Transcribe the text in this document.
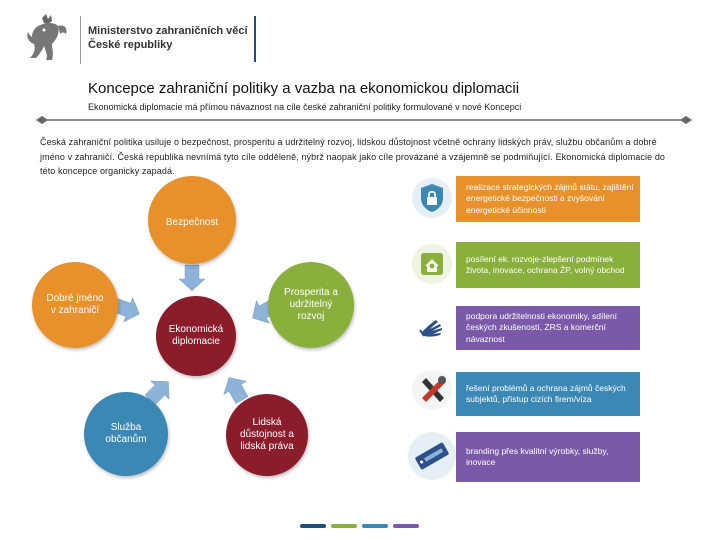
Ministerstvo zahraničních věcí
České republiky
Koncepce zahraniční politiky a vazba na ekonomickou diplomacii
Ekonomická diplomacie má přímou návaznost na cíle české zahraniční politiky formulované v nové Koncepci
Česká zahraniční politika usiluje o bezpečnost, prosperitu a udržitelný rozvoj, lidskou důstojnost včetně ochrany lidských práv, službu občanům a dobré jméno v zahraničí. Česká republika nevnímá tyto cíle odděleně, nýbrž naopak jako cíle provázané a vzájemně se podmiňující. Ekonomická diplomacie do této koncepce organicky zapadá.
Bezpečnost
Dobré jméno v zahraničí
Prosperita a udržitelný rozvoj
Ekonomická diplomacie
Služba občanům
Lidská důstojnost a lidská práva
realizace strategických zájmů státu, zajištění energetické bezpečnosti a zvyšování energetické účinnosti
posílení ek. rozvoje-zlepšení podmínek života, inovace, ochrana ŽP, volný obchod
podpora udržitelnosti ekonomiky, sdílení českých zkušeností, ZRS a komerční návaznost
řešení problémů a ochrana zájmů českých subjektů, přístup cizích firem/víza
branding přes kvalitní výrobky, služby, inovace
